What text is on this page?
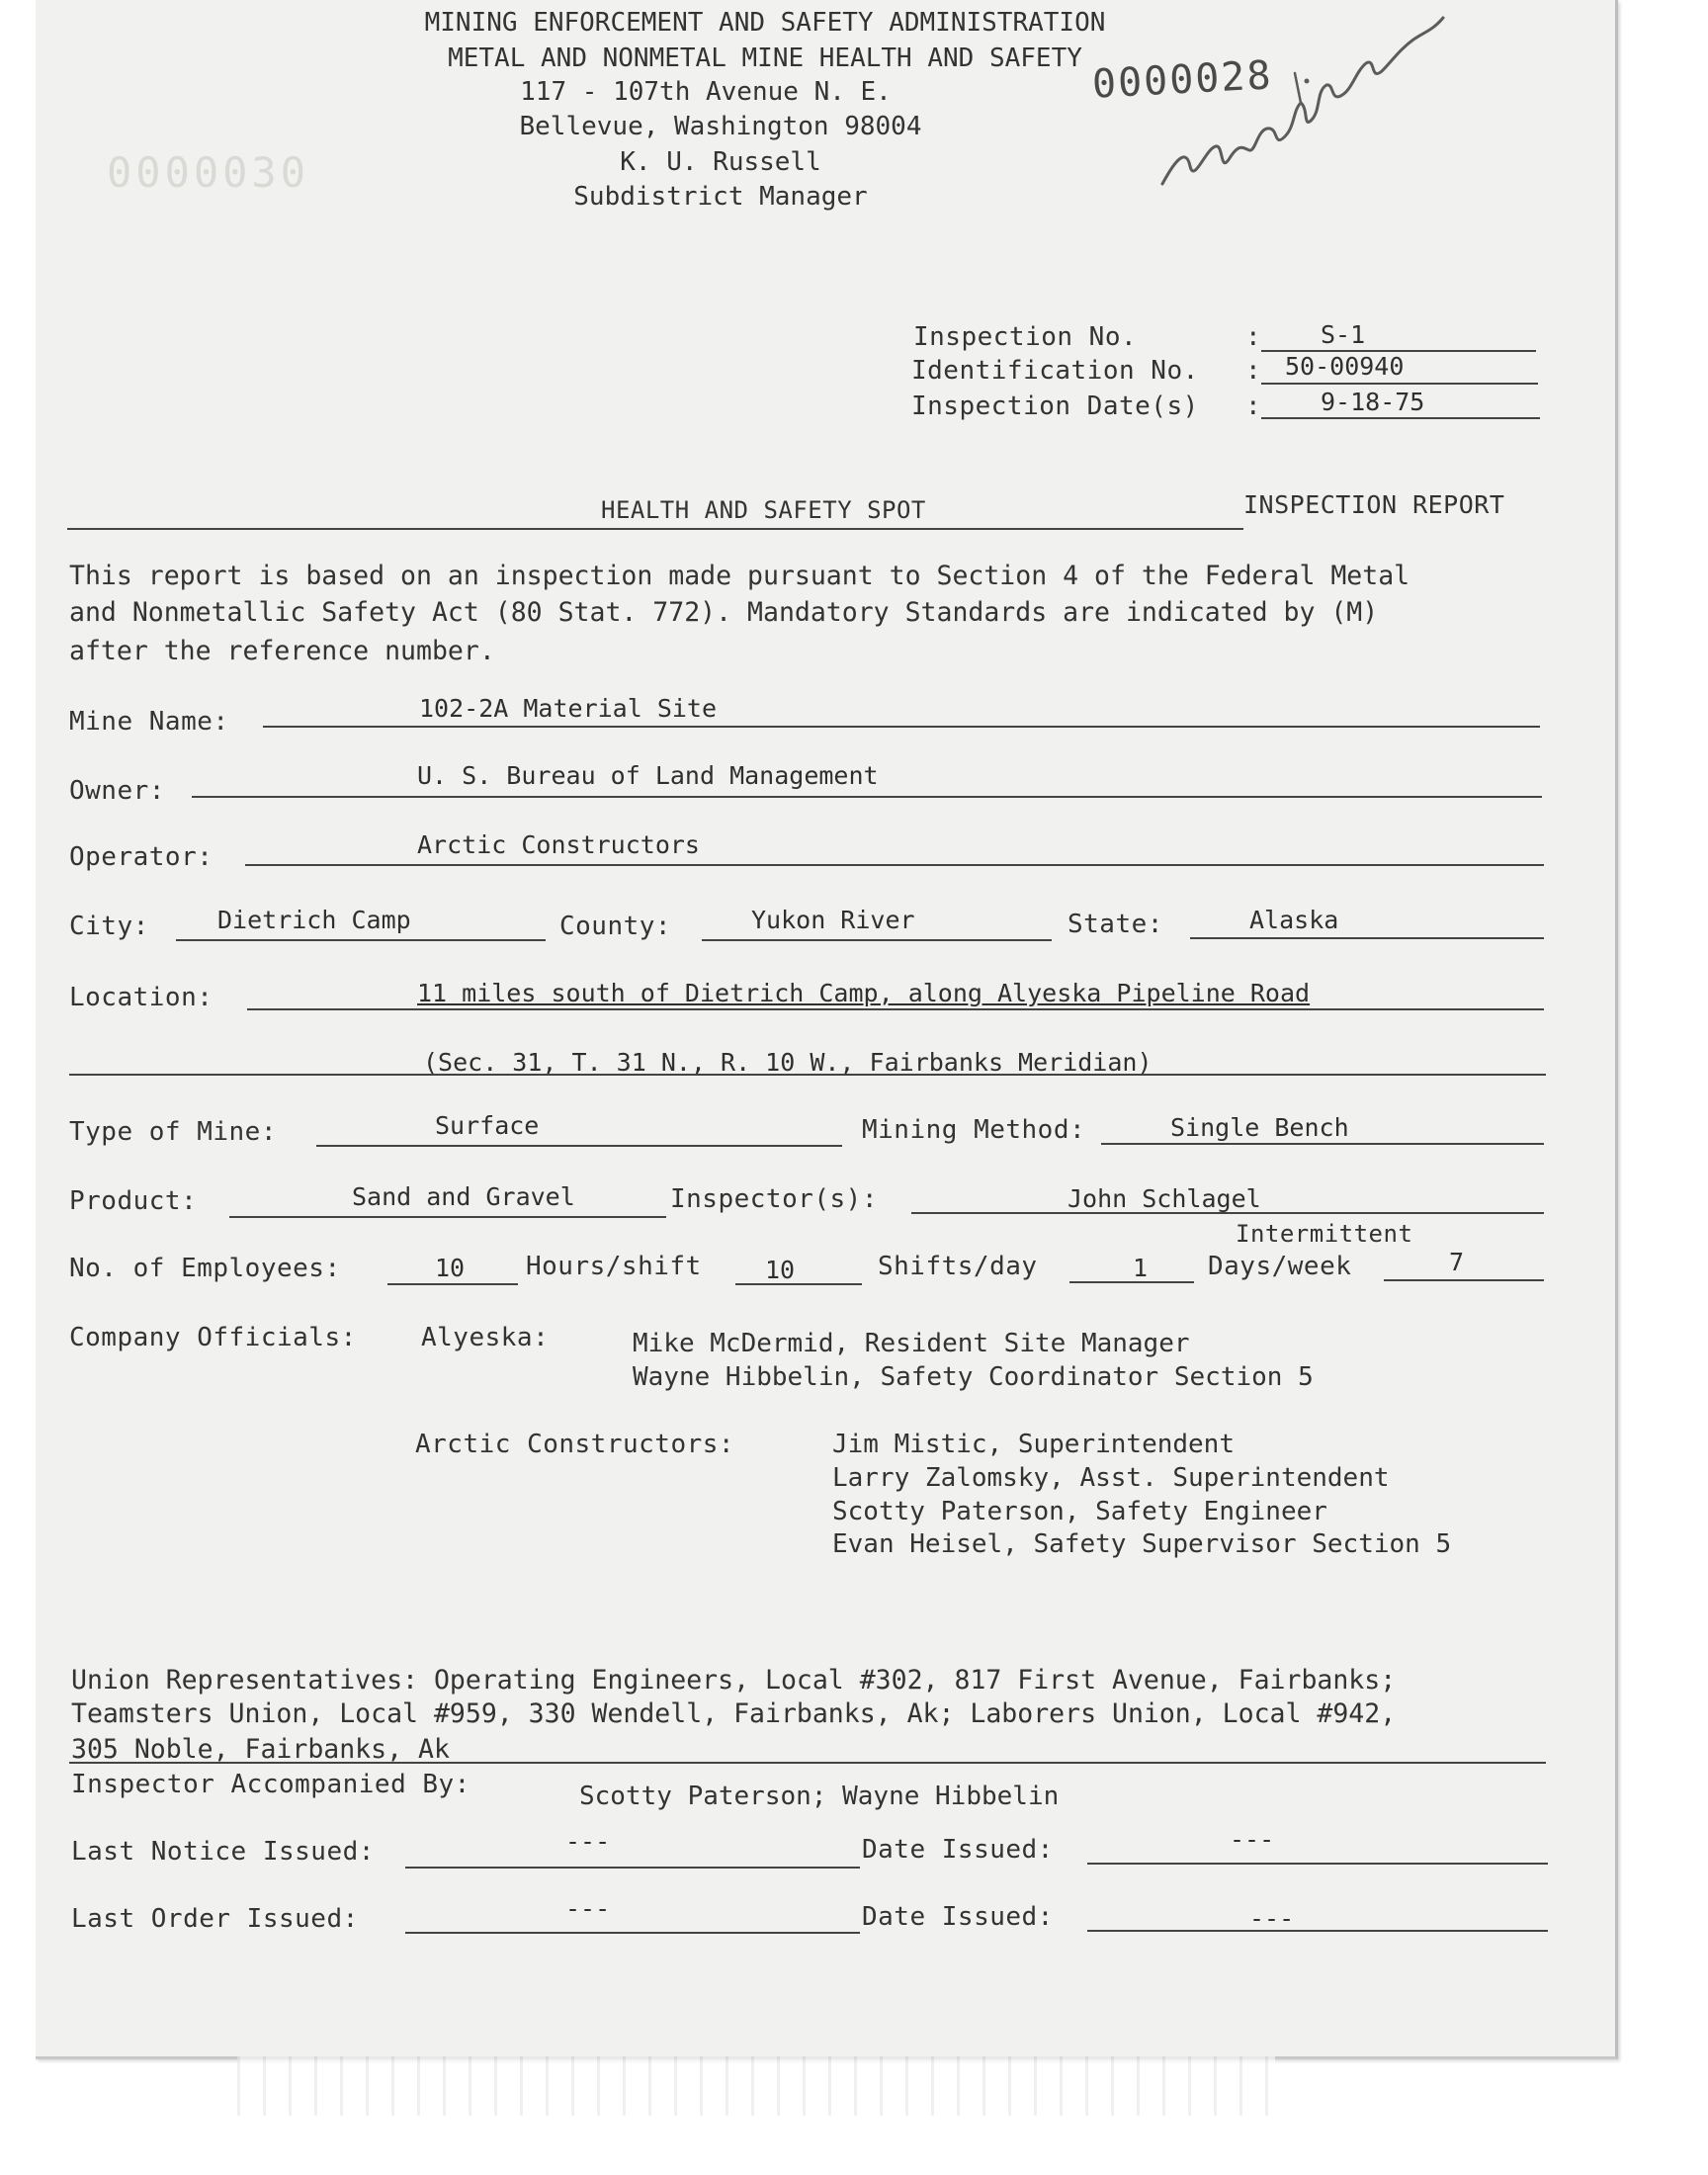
0000030
MINING ENFORCEMENT AND SAFETY ADMINISTRATION
METAL AND NONMETAL MINE HEALTH AND SAFETY
117 - 107th Avenue N. E.
Bellevue, Washington 98004
K. U. Russell
Subdistrict Manager
0000028
Inspection No.	: S-1
Identification No. : 50-00940
Inspection Date(s) : 9-18-75
HEALTH AND SAFETY SPOT	INSPECTION REPORT
This report is based on an inspection made pursuant to Section 4 of the Federal Metal
and Nonmetallic Safety Act (80 Stat. 772). Mandatory Standards are indicated by (M)
after the reference number.
Mine Name:	102-2A Material Site
Owner:
U. S. Bureau of Land Management
Operator:	Arctic Constructors
City:	Dietrich Camp	County:	Yukon River	State:	Alaska
Location:	11 miles south of Dietrich Camp, along Alyeska Pipeline Road
(Sec. 31, T. 31 N., R. 10 W., Fairbanks Meridian)
Type of Mine:	Surface	Mining Method:	Single Bench
Product:	Sand and Gravel	Inspector(s):	John Schlagel
Intermittent
No. of Employees:	10 Hours/shift	10	Shifts/day	1 Days/week	7
Company Officials:	Alyeska:	Mike McDermid, Resident Site Manager
Wayne Hibbelin, Safety Coordinator Section 5
Arctic Constructors:	Jim Mistic, Superintendent
Larry Zalomsky, Asst. Superintendent
Scotty Paterson, Safety Engineer
Evan Heisel, Safety Supervisor Section 5
Union Representatives: Operating Engineers, Local #302, 817 First Avenue, Fairbanks;
Teamsters Union, Local #959, 330 Wendell, Fairbanks, Ak; Laborers Union, Local #942,
305 Noble, Fairbanks, Ak
Inspector Accompanied By:	Scotty Paterson; Wayne Hibbelin
Last Notice Issued:	---	Date Issued:	---
Last Order Issued:	---	Date Issued:	---
